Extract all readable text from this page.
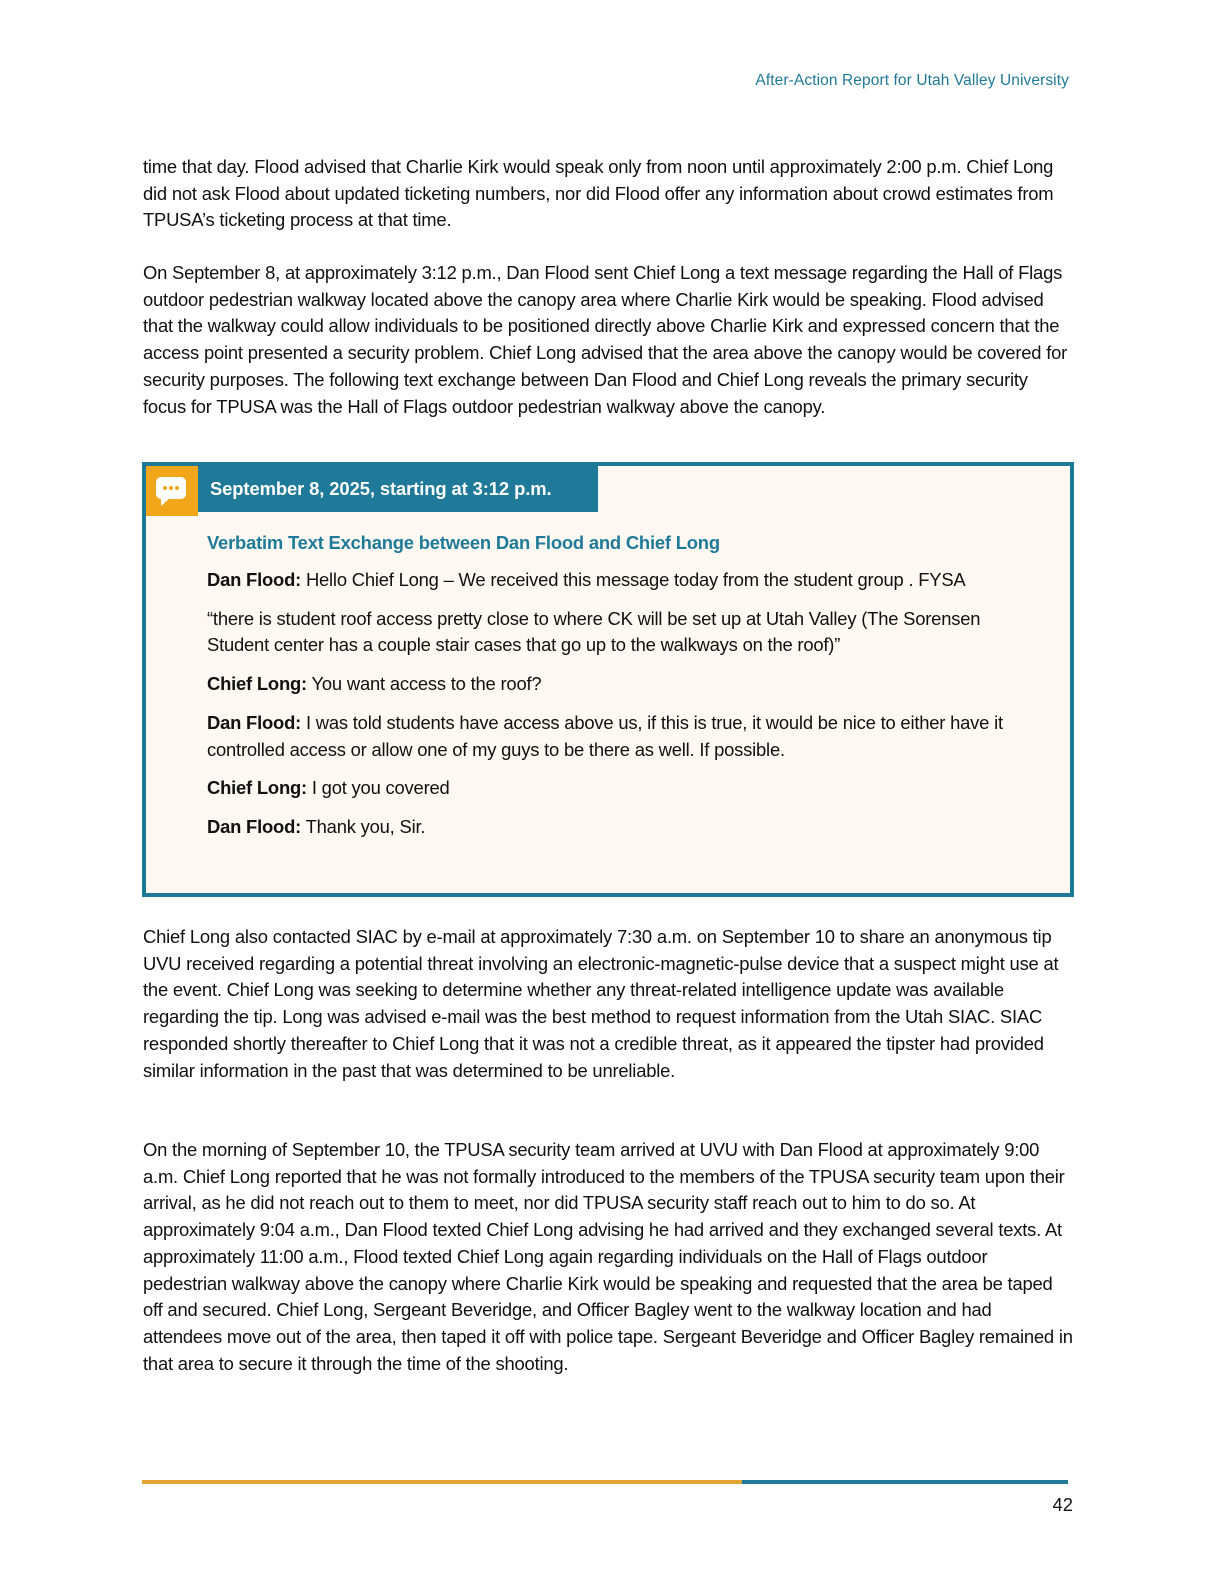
After-Action Report for Utah Valley University

time that day. Flood advised that Charlie Kirk would speak only from noon until approximately 2:00 p.m. Chief Long did not ask Flood about updated ticketing numbers, nor did Flood offer any information about crowd estimates from TPUSA’s ticketing process at that time.

On September 8, at approximately 3:12 p.m., Dan Flood sent Chief Long a text message regarding the Hall of Flags outdoor pedestrian walkway located above the canopy area where Charlie Kirk would be speaking. Flood advised that the walkway could allow individuals to be positioned directly above Charlie Kirk and expressed concern that the access point presented a security problem. Chief Long advised that the area above the canopy would be covered for security purposes. The following text exchange between Dan Flood and Chief Long reveals the primary security focus for TPUSA was the Hall of Flags outdoor pedestrian walkway above the canopy.

September 8, 2025, starting at 3:12 p.m.

Verbatim Text Exchange between Dan Flood and Chief Long

Dan Flood: Hello Chief Long – We received this message today from the student group . FYSA

“there is student roof access pretty close to where CK will be set up at Utah Valley (The Sorensen Student center has a couple stair cases that go up to the walkways on the roof)”

Chief Long: You want access to the roof?

Dan Flood: I was told students have access above us, if this is true, it would be nice to either have it controlled access or allow one of my guys to be there as well. If possible.

Chief Long: I got you covered

Dan Flood: Thank you, Sir.

Chief Long also contacted SIAC by e-mail at approximately 7:30 a.m. on September 10 to share an anonymous tip UVU received regarding a potential threat involving an electronic-magnetic-pulse device that a suspect might use at the event. Chief Long was seeking to determine whether any threat-related intelligence update was available regarding the tip. Long was advised e-mail was the best method to request information from the Utah SIAC. SIAC responded shortly thereafter to Chief Long that it was not a credible threat, as it appeared the tipster had provided similar information in the past that was determined to be unreliable.

On the morning of September 10, the TPUSA security team arrived at UVU with Dan Flood at approximately 9:00 a.m. Chief Long reported that he was not formally introduced to the members of the TPUSA security team upon their arrival, as he did not reach out to them to meet, nor did TPUSA security staff reach out to him to do so. At approximately 9:04 a.m., Dan Flood texted Chief Long advising he had arrived and they exchanged several texts. At approximately 11:00 a.m., Flood texted Chief Long again regarding individuals on the Hall of Flags outdoor pedestrian walkway above the canopy where Charlie Kirk would be speaking and requested that the area be taped off and secured. Chief Long, Sergeant Beveridge, and Officer Bagley went to the walkway location and had attendees move out of the area, then taped it off with police tape. Sergeant Beveridge and Officer Bagley remained in that area to secure it through the time of the shooting.

42
